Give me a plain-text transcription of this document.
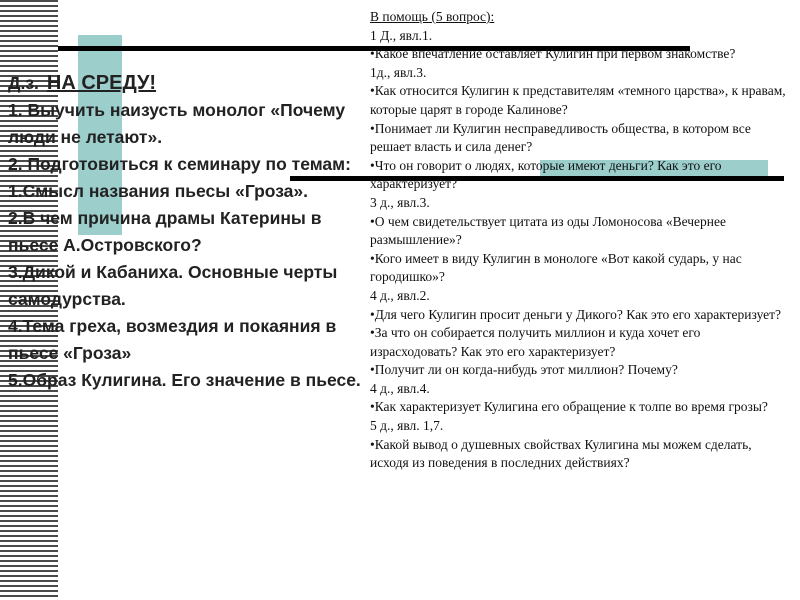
Д.з. НА СРЕДУ!

1. Выучить наизусть монолог «Почему люди не летают».

2. Подготовиться к семинару по темам:

1.Смысл названия пьесы «Гроза».

2.В чем причина драмы Катерины в пьесе А.Островского?

3.Дикой и Кабаниха. Основные черты самодурства.

4.Тема греха, возмездия и покаяния в пьесе «Гроза»

5.Образ Кулигина. Его значение в пьесе.

В помощь (5 вопрос):

1 Д., явл.1.

•Какое впечатление оставляет Кулигин при первом знакомстве?

1д., явл.3.

•Как относится Кулигин к представителям «темного царства», к нравам, которые царят в городе Калинове?

•Понимает ли Кулигин несправедливость общества, в котором все решает власть и сила денег?

•Что он говорит о людях, которые имеют деньги? Как это его характеризует?

3 д., явл.3.

•О чем свидетельствует цитата из оды Ломоносова «Вечернее размышление»?

•Кого имеет в виду Кулигин в монологе «Вот какой сударь, у нас городишко»?

4 д., явл.2.

•Для чего Кулигин просит деньги у Дикого? Как это его характеризует?

•За что он собирается получить миллион и куда хочет его израсходовать? Как это его характеризует?

•Получит ли он когда-нибудь этот миллион? Почему?

4 д., явл.4.

•Как характеризует Кулигина его обращение к толпе во время грозы?

5 д., явл. 1,7.

•Какой вывод о душевных свойствах Кулигина мы можем сделать, исходя из поведения в последних действиях?
